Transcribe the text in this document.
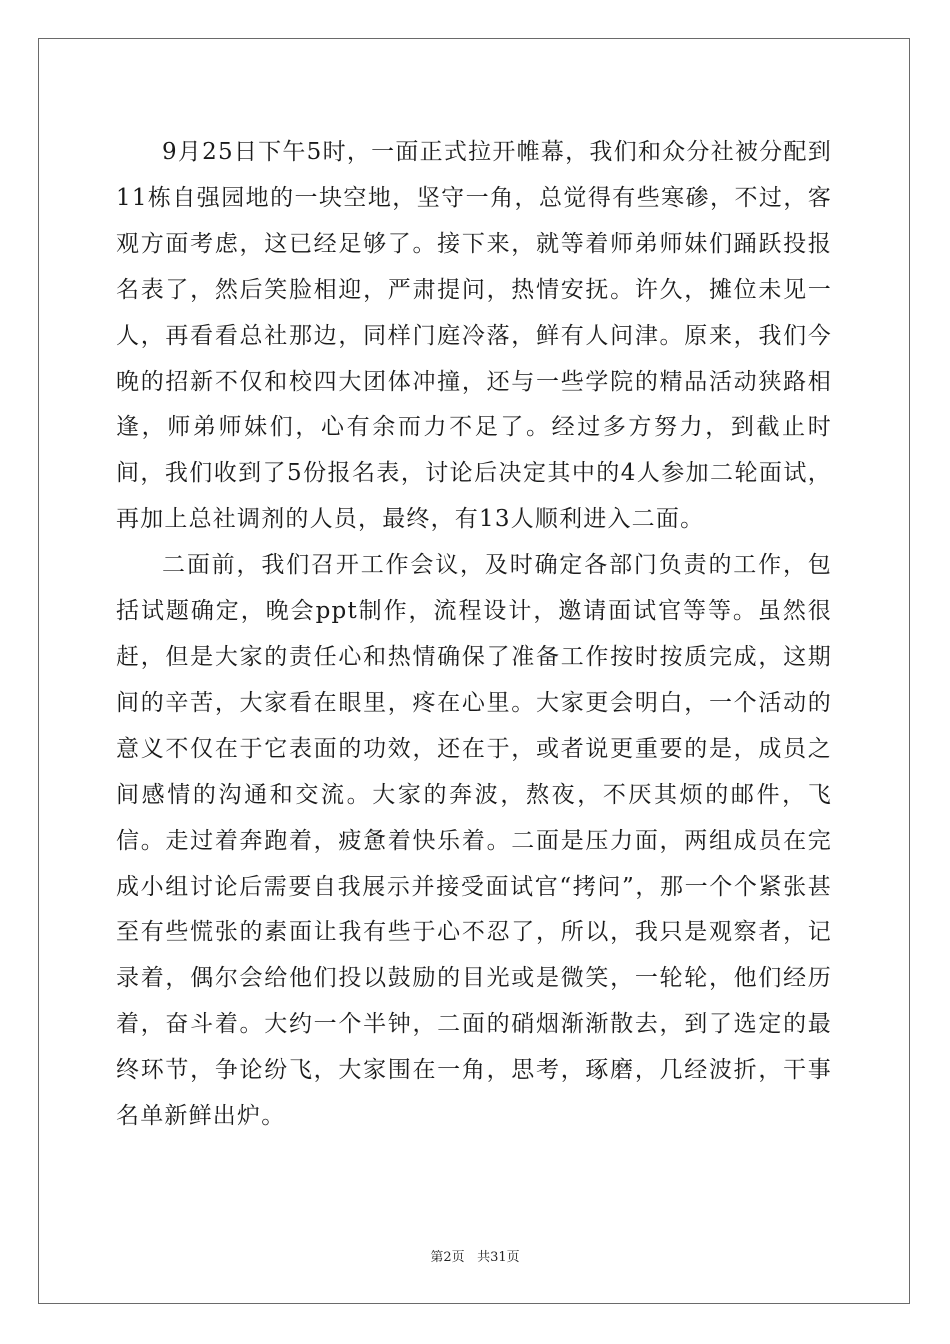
9月25日下午5时，一面正式拉开帷幕，我们和众分社被分配到11栋自强园地的一块空地，坚守一角，总觉得有些寒碜，不过，客观方面考虑，这已经足够了。接下来，就等着师弟师妹们踊跃投报名表了，然后笑脸相迎，严肃提问，热情安抚。许久，摊位未见一人，再看看总社那边，同样门庭冷落，鲜有人问津。原来，我们今晚的招新不仅和校四大团体冲撞，还与一些学院的精品活动狭路相逢，师弟师妹们，心有余而力不足了。经过多方努力，到截止时间，我们收到了5份报名表，讨论后决定其中的4人参加二轮面试，再加上总社调剂的人员，最终，有13人顺利进入二面。

二面前，我们召开工作会议，及时确定各部门负责的工作，包括试题确定，晚会ppt制作，流程设计，邀请面试官等等。虽然很赶，但是大家的责任心和热情确保了准备工作按时按质完成，这期间的辛苦，大家看在眼里，疼在心里。大家更会明白，一个活动的意义不仅在于它表面的功效，还在于，或者说更重要的是，成员之间感情的沟通和交流。大家的奔波，熬夜，不厌其烦的邮件，飞信。走过着奔跑着，疲惫着快乐着。二面是压力面，两组成员在完成小组讨论后需要自我展示并接受面试官“拷问”，那一个个紧张甚至有些慌张的素面让我有些于心不忍了，所以，我只是观察者，记录着，偶尔会给他们投以鼓励的目光或是微笑，一轮轮，他们经历着，奋斗着。大约一个半钟，二面的硝烟渐渐散去，到了选定的最终环节，争论纷飞，大家围在一角，思考，琢磨，几经波折，干事名单新鲜出炉。

第2页 共31页
